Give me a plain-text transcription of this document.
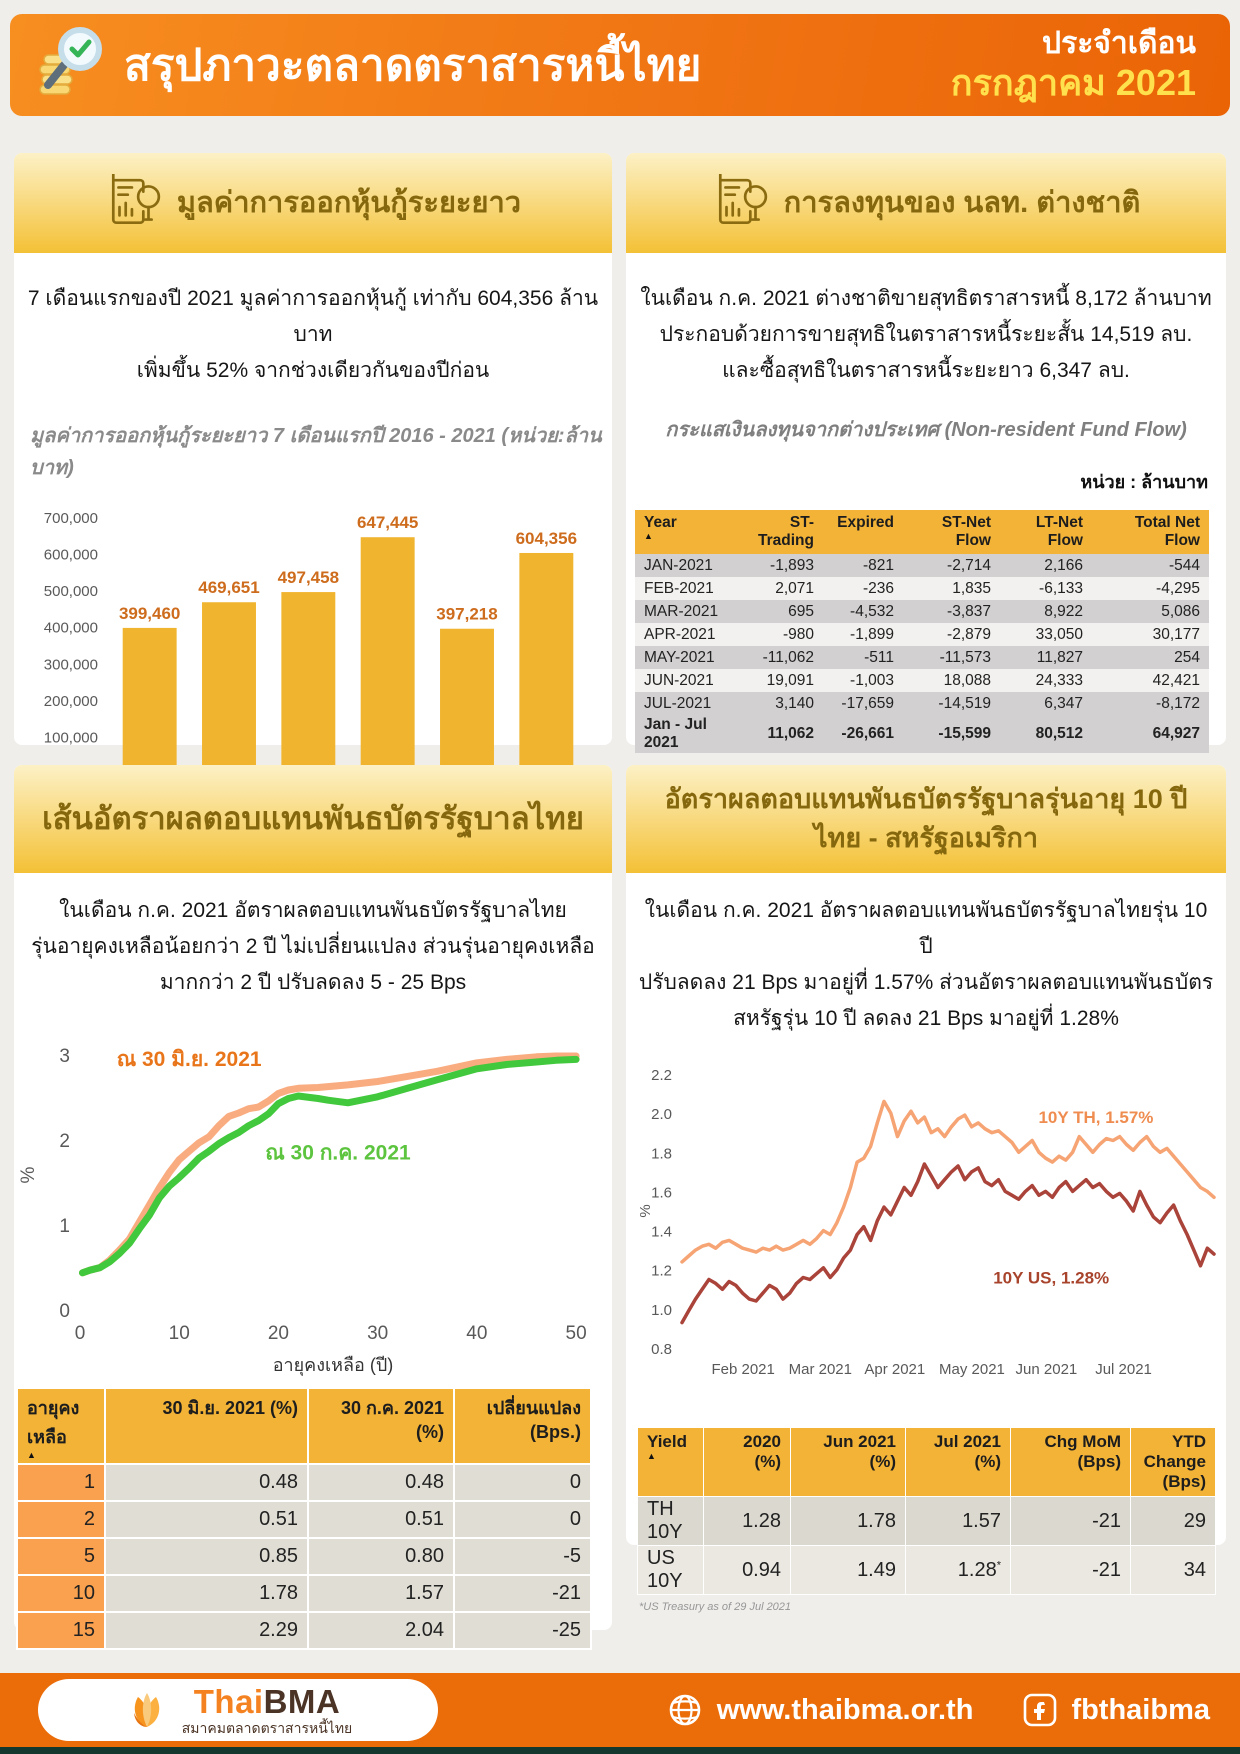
สรุปภาวะตลาดตราสารหนี้ไทย	ประจำเดือน
กรกฎาคม 2021
มูลค่าการออกหุ้นกู้ระยะยาว
7 เดือนแรกของปี 2021 มูลค่าการออกหุ้นกู้ เท่ากับ 604,356 ล้านบาท
เพิ่มขึ้น 52% จากช่วงเดียวกันของปีก่อน
มูลค่าการออกหุ้นกู้ระยะยาว 7 เดือนแรกปี 2016 - 2021 (หน่วย:ล้านบาท)
100,000
200,000
300,000
400,000
500,000
600,000
700,000
399,460
469,651
497,458
647,445
397,218
604,356
การลงทุนของ นลท. ต่างชาติ
ในเดือน ก.ค. 2021 ต่างชาติขายสุทธิตราสารหนี้ 8,172 ล้านบาท
ประกอบด้วยการขายสุทธิในตราสารหนี้ระยะสั้น 14,519 ลบ.
และซื้อสุทธิในตราสารหนี้ระยะยาว 6,347 ลบ.
กระแสเงินลงทุนจากต่างประเทศ (Non-resident Fund Flow)
หน่วย : ล้านบาท
Year
▲	ST-Trading	Expired	ST-Net Flow	LT-Net Flow	Total Net Flow
JAN-2021	-1,893	-821	-2,714	2,166	-544
FEB-2021	2,071	-236	1,835	-6,133	-4,295
MAR-2021	695	-4,532	-3,837	8,922	5,086
APR-2021	-980	-1,899	-2,879	33,050	30,177
MAY-2021	-11,062	-511	-11,573	11,827	254
JUN-2021	19,091	-1,003	18,088	24,333	42,421
JUL-2021	3,140	-17,659	-14,519	6,347	-8,172
Jan - Jul 2021	11,062	-26,661	-15,599	80,512	64,927
เส้นอัตราผลตอบแทนพันธบัตรรัฐบาลไทย
ในเดือน ก.ค. 2021 อัตราผลตอบแทนพันธบัตรรัฐบาลไทย
รุ่นอายุคงเหลือน้อยกว่า 2 ปี ไม่เปลี่ยนแปลง ส่วนรุ่นอายุคงเหลือ
มากกว่า 2 ปี ปรับลดลง 5 - 25 Bps
0
1
2
3
0	10	20	30	40	50
ณ 30 มิ.ย. 2021
ณ 30 ก.ค. 2021
%
อายุคงเหลือ (ปี)
อายุคงเหลือ
▲	30 มิ.ย. 2021 (%)	30 ก.ค. 2021 (%)	เปลี่ยนแปลง (Bps.)
1	0.48	0.48	0
2	0.51	0.51	0
5	0.85	0.80	-5
10	1.78	1.57	-21
15	2.29	2.04	-25
อัตราผลตอบแทนพันธบัตรรัฐบาลรุ่นอายุ 10 ปี
ไทย - สหรัฐอเมริกา
ในเดือน ก.ค. 2021 อัตราผลตอบแทนพันธบัตรรัฐบาลไทยรุ่น 10 ปี
ปรับลดลง 21 Bps มาอยู่ที่ 1.57% ส่วนอัตราผลตอบแทนพันธบัตร
สหรัฐรุ่น 10 ปี ลดลง 21 Bps มาอยู่ที่ 1.28%
0.8
1.0
1.2
1.4
1.6
1.8
2.0
2.2
Feb 2021 Mar 2021 Apr 2021 May 2021 Jun 2021 Jul 2021
10Y TH, 1.57%
10Y US, 1.28%
%
Yield
▲	2020 (%)	Jun 2021 (%)	Jul 2021 (%)	Chg MoM (Bps)	YTD Change (Bps)
TH 10Y	1.28	1.78	1.57	-21	29
US 10Y	0.94	1.49	1.28*	-21	34
*US Treasury as of 29 Jul 2021
ThaiBMA
สมาคมตลาดตราสารหนี้ไทย
www.thaibma.or.th	fbthaibma
